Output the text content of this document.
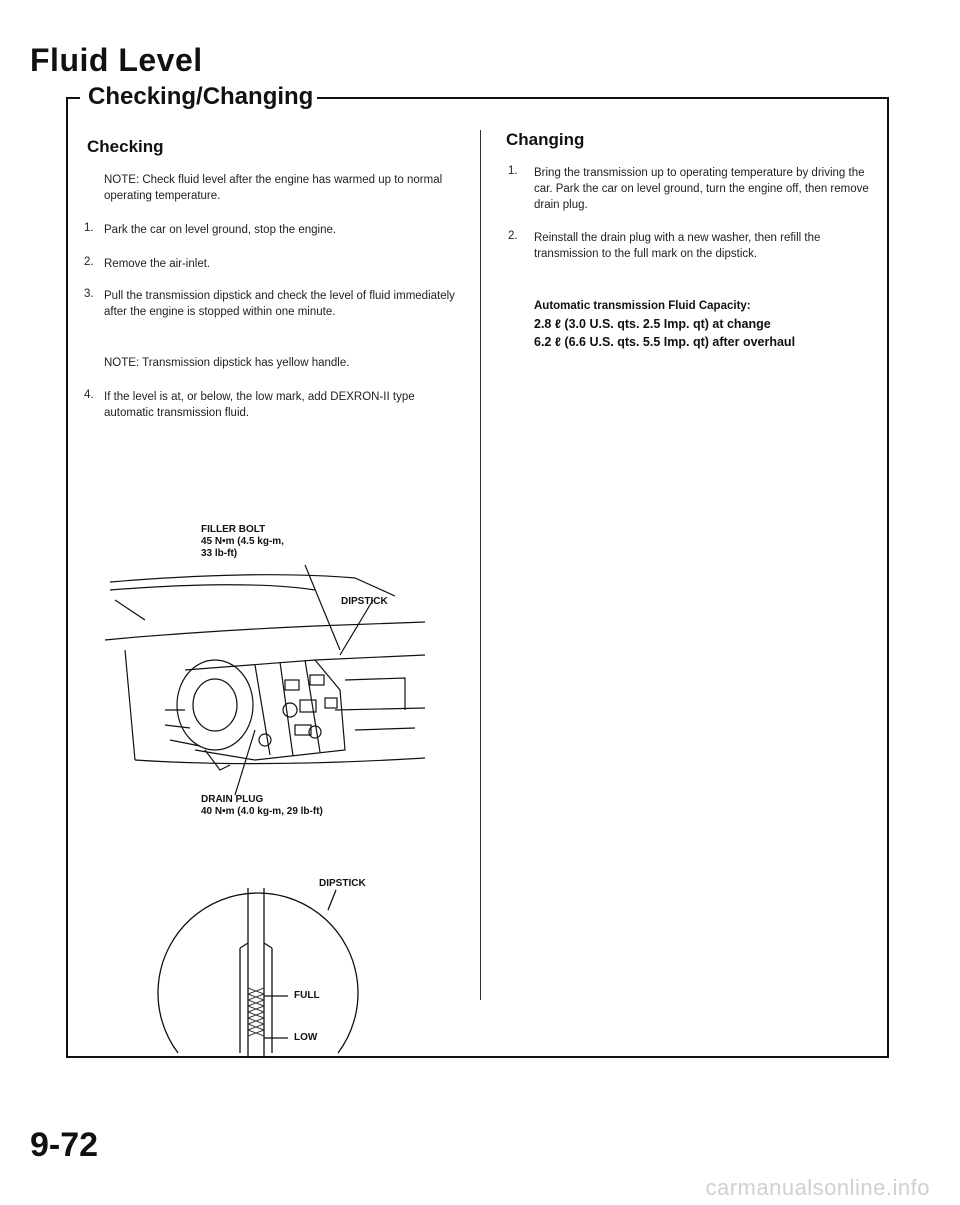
Fluid Level
Checking/Changing
Checking
NOTE: Check fluid level after the engine has warmed up to normal operating temperature.
1. Park the car on level ground, stop the engine.
2. Remove the air-inlet.
3. Pull the transmission dipstick and check the level of fluid immediately after the engine is stopped within one minute.
NOTE: Transmission dipstick has yellow handle.
4. If the level is at, or below, the low mark, add DEXRON-II type automatic transmission fluid.
Changing
1. Bring the transmission up to operating temperature by driving the car. Park the car on level ground, turn the engine off, then remove drain plug.
2. Reinstall the drain plug with a new washer, then refill the transmission to the full mark on the dipstick.
Automatic transmission Fluid Capacity:
2.8 ℓ (3.0 U.S. qts. 2.5 Imp. qt) at change
6.2 ℓ (6.6 U.S. qts. 5.5 Imp. qt) after overhaul
FILLER BOLT
45 N•m (4.5 kg-m,
33 lb-ft)
DIPSTICK
DRAIN PLUG
40 N•m (4.0 kg-m, 29 lb-ft)
DIPSTICK
FULL
LOW
9-72
carmanualsonline.info
